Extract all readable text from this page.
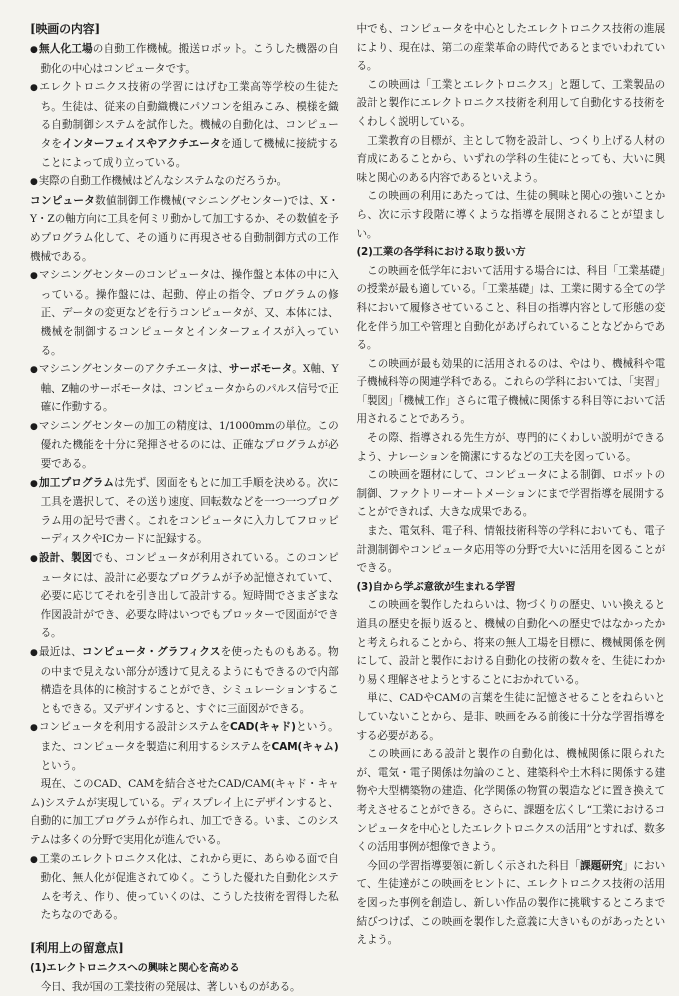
[映画の内容]

● 無人化工場の自動工作機械。搬送ロボット。こうした機器の自動化の中心はコンピュータです。

● エレクトロニクス技術の学習にはげむ工業高等学校の生徒たち。生徒は、従来の自動織機にパソコンを組みこみ、模様を織る自動制御システムを試作した。機械の自動化は、コンピュータをインターフェイスやアクチエータを通して機械に接続することによって成り立っている。

● 実際の自動工作機械はどんなシステムなのだろうか。

コンピュータ数値制御工作機械(マシニングセンター)では、X・Y・Zの軸方向に工具を何ミリ動かして加工するか、その数値を予めプログラム化して、その通りに再現させる自動制御方式の工作機械である。

● マシニングセンターのコンピュータは、操作盤と本体の中に入っている。操作盤には、起動、停止の指令、プログラムの修正、データの変更などを行うコンピュータが、又、本体には、機械を制御するコンピュータとインターフェイスが入っている。

● マシニングセンターのアクチエータは、サーボモータ。X軸、Y軸、Z軸のサーボモータは、コンピュータからのパルス信号で正確に作動する。

● マシニングセンターの加工の精度は、1/1000mmの単位。この優れた機能を十分に発揮させるのには、正確なプログラムが必要である。

● 加工プログラムは先ず、図面をもとに加工手順を決める。次に工具を選択して、その送り速度、回転数などを一つ一つプログラム用の記号で書く。これをコンピュータに入力してフロッピーディスクやICカードに記録する。

● 設計、製図でも、コンピュータが利用されている。このコンピュータには、設計に必要なプログラムが予め記憶されていて、必要に応じてそれを引き出して設計する。短時間でさまざまな作図設計ができ、必要な時はいつでもプロッターで図面ができる。

● 最近は、コンピュータ・グラフィクスを使ったものもある。物の中まで見えない部分が透けて見えるようにもできるので内部構造を具体的に検討することができ、シミュレーションすることもできる。又デザインすると、すぐに三面図ができる。

● コンピュータを利用する設計システムをCAD(キャド)という。また、コンピュータを製造に利用するシステムをCAM(キャム)という。

現在、このCAD、CAMを結合させたCAD/CAM(キャド・キャム)システムが実現している。ディスプレイ上にデザインすると、自動的に加工プログラムが作られ、加工できる。いま、このシステムは多くの分野で実用化が進んでいる。

● 工業のエレクトロニクス化は、これから更に、あらゆる面で自動化、無人化が促進されてゆく。こうした優れた自動化システムを考え、作り、使っていくのは、こうした技術を習得した私たちなのである。

[利用上の留意点]

(1)エレクトロニクスへの興味と関心を高める

今日、我が国の工業技術の発展は、著しいものがある。

中でも、コンピュータを中心としたエレクトロニクス技術の進展により、現在は、第二の産業革命の時代であるとまでいわれている。

この映画は「工業とエレクトロニクス」と題して、工業製品の設計と製作にエレクトロニクス技術を利用して自動化する技術をくわしく説明している。

工業教育の目標が、主として物を設計し、つくり上げる人材の育成にあることから、いずれの学科の生徒にとっても、大いに興味と関心のある内容であるといえよう。

この映画の利用にあたっては、生徒の興味と関心の強いことから、次に示す段階に導くような指導を展開されることが望ましい。

(2)工業の各学科における取り扱い方

この映画を低学年において活用する場合には、科目「工業基礎」の授業が最も適している。「工業基礎」は、工業に関する全ての学科において履修させていること、科目の指導内容として形態の変化を伴う加工や管理と自動化があげられていることなどからである。

この映画が最も効果的に活用されるのは、やはり、機械科や電子機械科等の関連学科である。これらの学科においては、「実習」「製図」「機械工作」さらに電子機械に関係する科目等において活用されることであろう。

その際、指導される先生方が、専門的にくわしい説明ができるよう、ナレーションを簡潔にするなどの工夫を図っている。

この映画を題材にして、コンピュータによる制御、ロボットの制御、ファクトリーオートメーションにまで学習指導を展開することができれば、大きな成果である。

また、電気科、電子科、情報技術科等の学科においても、電子計測制御やコンピュータ応用等の分野で大いに活用を図ることができる。

(3)自から学ぶ意欲が生まれる学習

この映画を製作したねらいは、物づくりの歴史、いい換えると道具の歴史を振り返ると、機械の自動化への歴史ではなかったかと考えられることから、将来の無人工場を目標に、機械関係を例にして、設計と製作における自動化の技術の数々を、生徒にわかり易く理解させようとすることにおかれている。

単に、CADやCAMの言葉を生徒に記憶させることをねらいとしていないことから、是非、映画をみる前後に十分な学習指導をする必要がある。

この映画にある設計と製作の自動化は、機械関係に限られたが、電気・電子関係は勿論のこと、建築科や土木科に関係する建物や大型構築物の建造、化学関係の物質の製造などに置き換えて考えさせることができる。さらに、課題を広くし“工業におけるコンピュータを中心としたエレクトロニクスの活用”とすれば、数多くの活用事例が想像できよう。

今回の学習指導要領に新しく示された科目「課題研究」において、生徒達がこの映画をヒントに、エレクトロニクス技術の活用を図った事例を創造し、新しい作品の製作に挑戦するところまで結びつけば、この映画を製作した意義に大きいものがあったといえよう。
